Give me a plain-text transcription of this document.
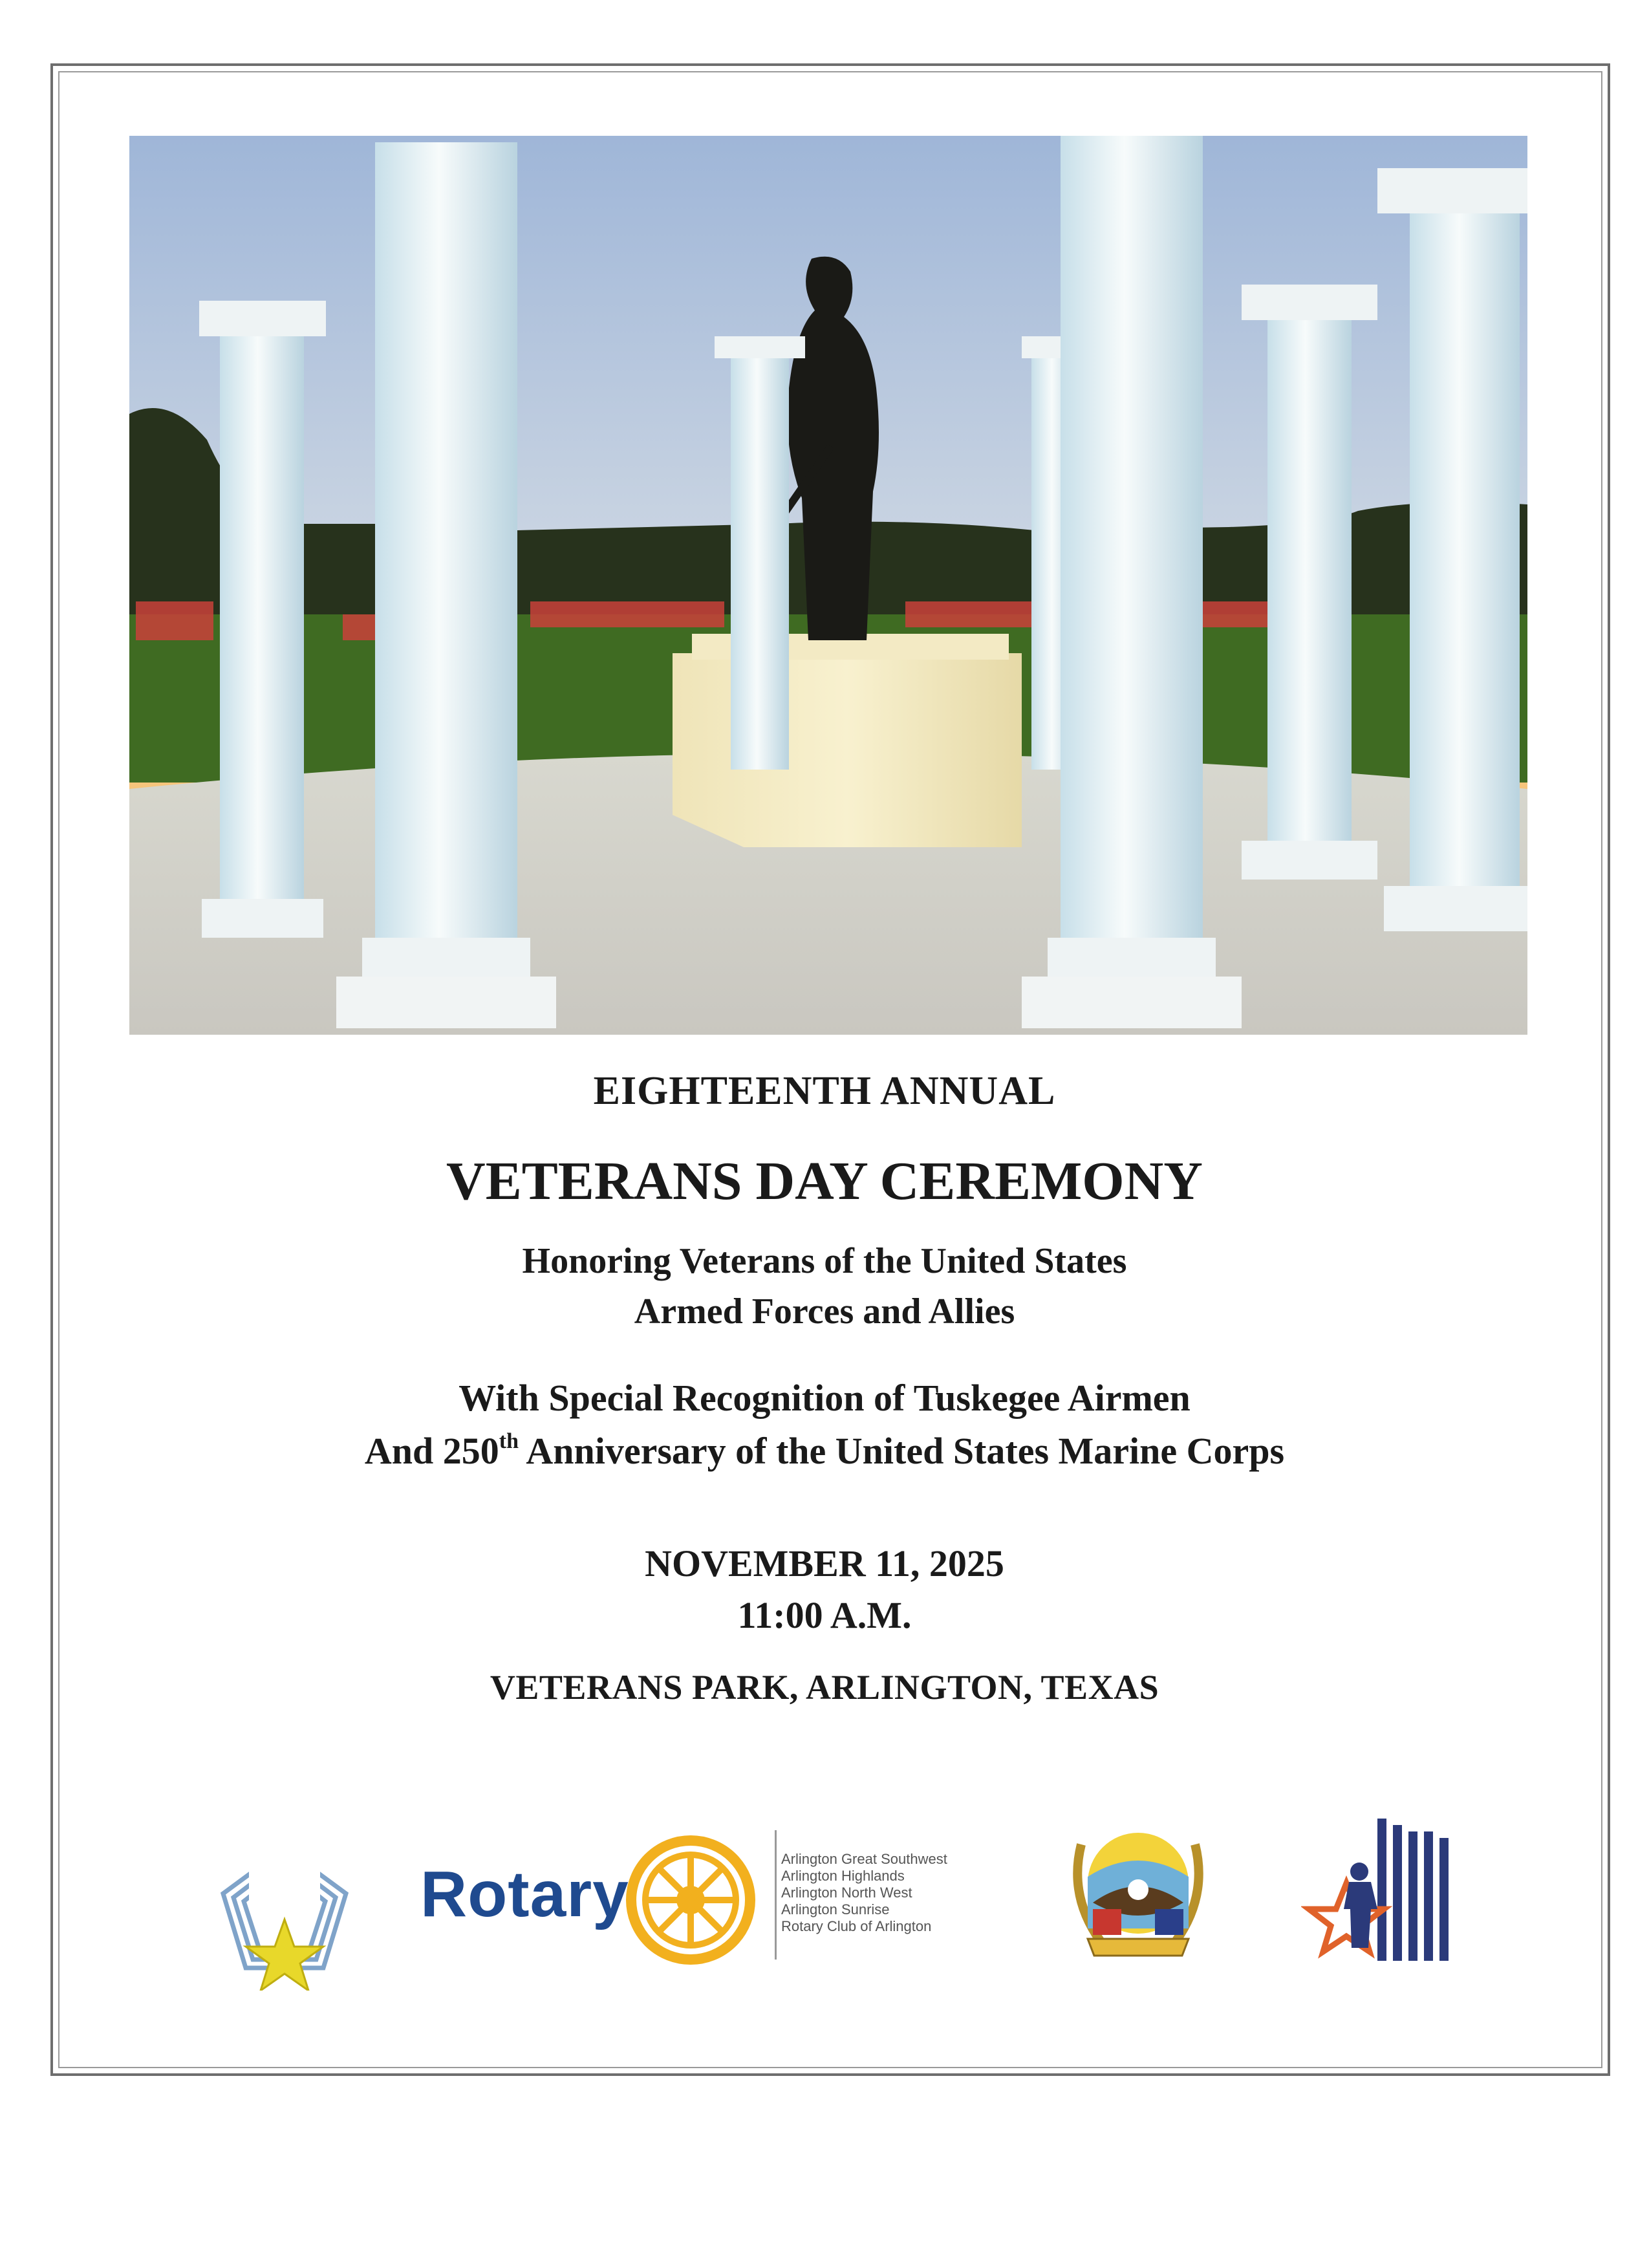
EIGHTEENTH ANNUAL
VETERANS DAY CEREMONY
Honoring Veterans of the United States
Armed Forces and Allies
With Special Recognition of Tuskegee Airmen
And 250th Anniversary of the United States Marine Corps
NOVEMBER 11, 2025
11:00 A.M.
VETERANS PARK, ARLINGTON, TEXAS
Rotary	Arlington Great Southwest
Arlington Highlands
Arlington North West
Arlington Sunrise
Rotary Club of Arlington
